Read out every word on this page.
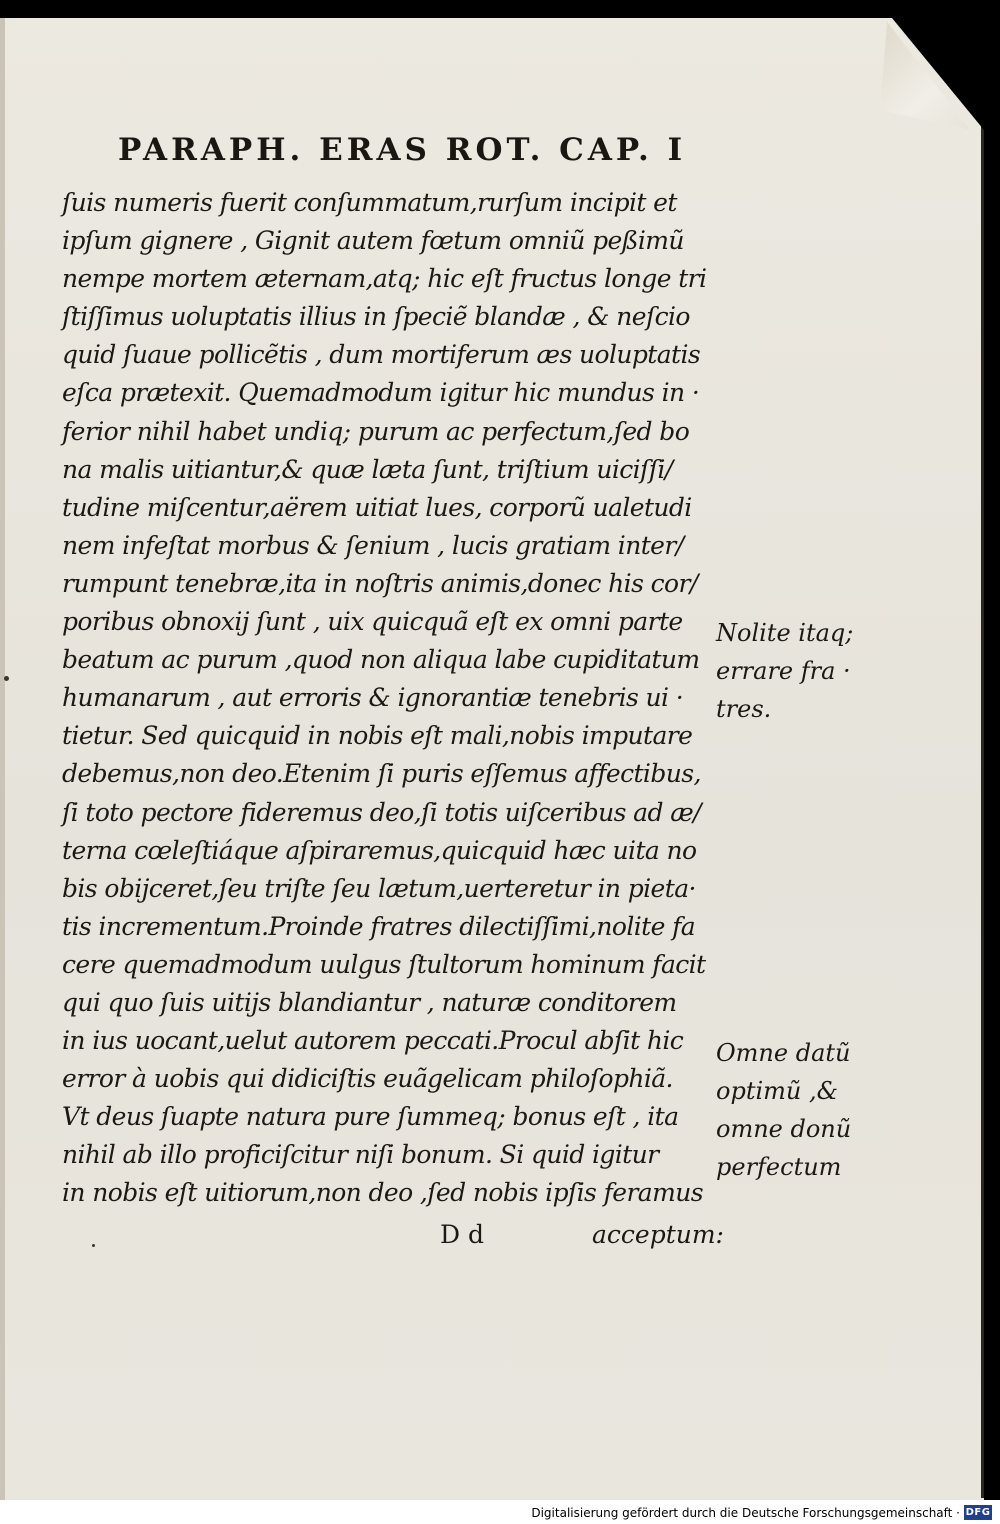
PARAPH. ERAS ROT. CAP. I
ſuis numeris fuerit conſummatum,rurſum incipit et
ipſum gignere , Gignit autem fœtum omniũ peßimũ
nempe mortem æternam,atq; hic eſt fructus longe tri
ſtiſſimus uoluptatis illius in ſpeciẽ blandæ , & neſcio
quid ſuaue pollicẽtis , dum mortiferum æs uoluptatis
eſca prætexit. Quemadmodum igitur hic mundus in ·
ferior nihil habet undiq; purum ac perfectum,ſed bo
na malis uitiantur,& quæ læta ſunt, triſtium uiciſſi/
tudine miſcentur,aërem uitiat lues, corporũ ualetudi
nem infeſtat morbus & ſenium , lucis gratiam inter/
rumpunt tenebræ,ita in noſtris animis,donec his cor/
poribus obnoxij ſunt , uix quicquã eſt ex omni parte
beatum ac purum ,quod non aliqua labe cupiditatum
humanarum , aut erroris & ignorantiæ tenebris ui ·
tietur. Sed quicquid in nobis eſt mali,nobis imputare
debemus,non deo.Etenim ſi puris eſſemus affectibus,
ſi toto pectore fideremus deo,ſi totis uiſceribus ad æ/
terna cœleſtiáque aſpiraremus,quicquid hæc uita no
bis obijceret,ſeu triſte ſeu lætum,uerteretur in pieta·
tis incrementum.Proinde fratres dilectiſſimi,nolite fa
cere quemadmodum uulgus ſtultorum hominum facit
qui quo ſuis uitijs blandiantur , naturæ conditorem
in ius uocant,uelut autorem peccati.Procul abſit hic
error à uobis qui didiciſtis euãgelicam philoſophiã.
Vt deus ſuapte natura pure ſummeq; bonus eſt , ita
nihil ab illo proficiſcitur niſi bonum. Si quid igitur
in nobis eſt uitiorum,non deo ,ſed nobis ipſis feramus
Nolite itaq;
errare fra ·
tres.
Omne datũ
optimũ ,&
omne donũ
perfectum
D d	acceptum:
Digitalisierung gefördert durch die Deutsche Forschungsgemeinschaft · DFG
